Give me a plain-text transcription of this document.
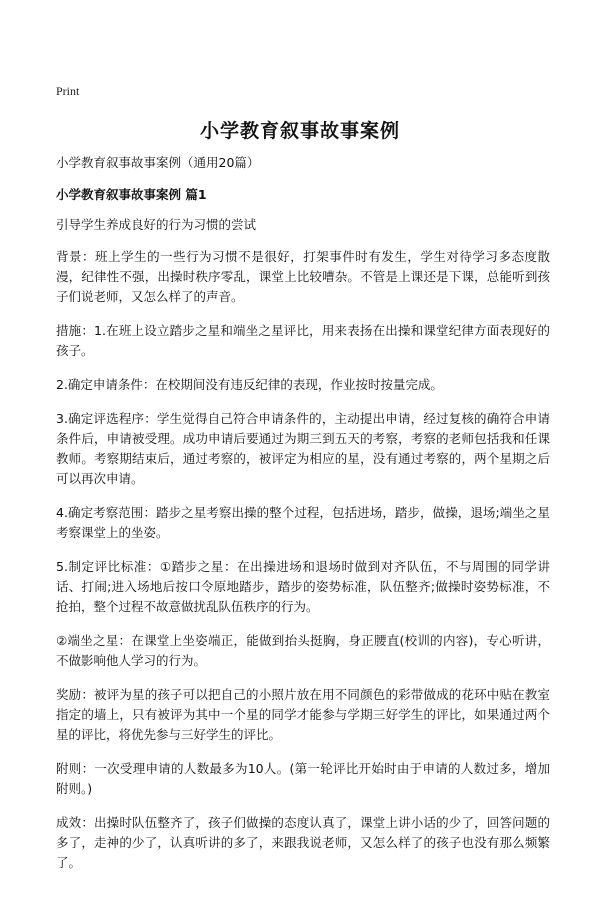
Print
小学教育叙事故事案例

小学教育叙事故事案例（通用20篇）

小学教育叙事故事案例 篇1

引导学生养成良好的行为习惯的尝试

背景：班上学生的一些行为习惯不是很好，打架事件时有发生，学生对待学习多态度散漫，纪律性不强，出操时秩序零乱，课堂上比较嘈杂。不管是上课还是下课，总能听到孩子们说老师，又怎么样了的声音。

措施：1.在班上设立踏步之星和端坐之星评比，用来表扬在出操和课堂纪律方面表现好的孩子。

2.确定申请条件：在校期间没有违反纪律的表现，作业按时按量完成。

3.确定评选程序：学生觉得自己符合申请条件的，主动提出申请，经过复核的确符合申请条件后，申请被受理。成功申请后要通过为期三到五天的考察，考察的老师包括我和任课教师。考察期结束后，通过考察的，被评定为相应的星，没有通过考察的，两个星期之后可以再次申请。

4.确定考察范围：踏步之星考察出操的整个过程，包括进场，踏步，做操，退场;端坐之星考察课堂上的坐姿。

5.制定评比标准：①踏步之星：在出操进场和退场时做到对齐队伍，不与周围的同学讲话、打闹;进入场地后按口令原地踏步，踏步的姿势标准，队伍整齐;做操时姿势标准，不抢拍，整个过程不故意做扰乱队伍秩序的行为。

②端坐之星：在课堂上坐姿端正，能做到抬头挺胸，身正腰直(校训的内容)，专心听讲，不做影响他人学习的行为。

奖励：被评为星的孩子可以把自己的小照片放在用不同颜色的彩带做成的花环中贴在教室指定的墙上，只有被评为其中一个星的同学才能参与学期三好学生的评比，如果通过两个星的评比，将优先参与三好学生的评比。

附则：一次受理申请的人数最多为10人。(第一轮评比开始时由于申请的人数过多，增加附则。)

成效：出操时队伍整齐了，孩子们做操的态度认真了，课堂上讲小话的少了，回答问题的多了，走神的少了，认真听讲的多了，来跟我说老师，又怎么样了的孩子也没有那么频繁了。
